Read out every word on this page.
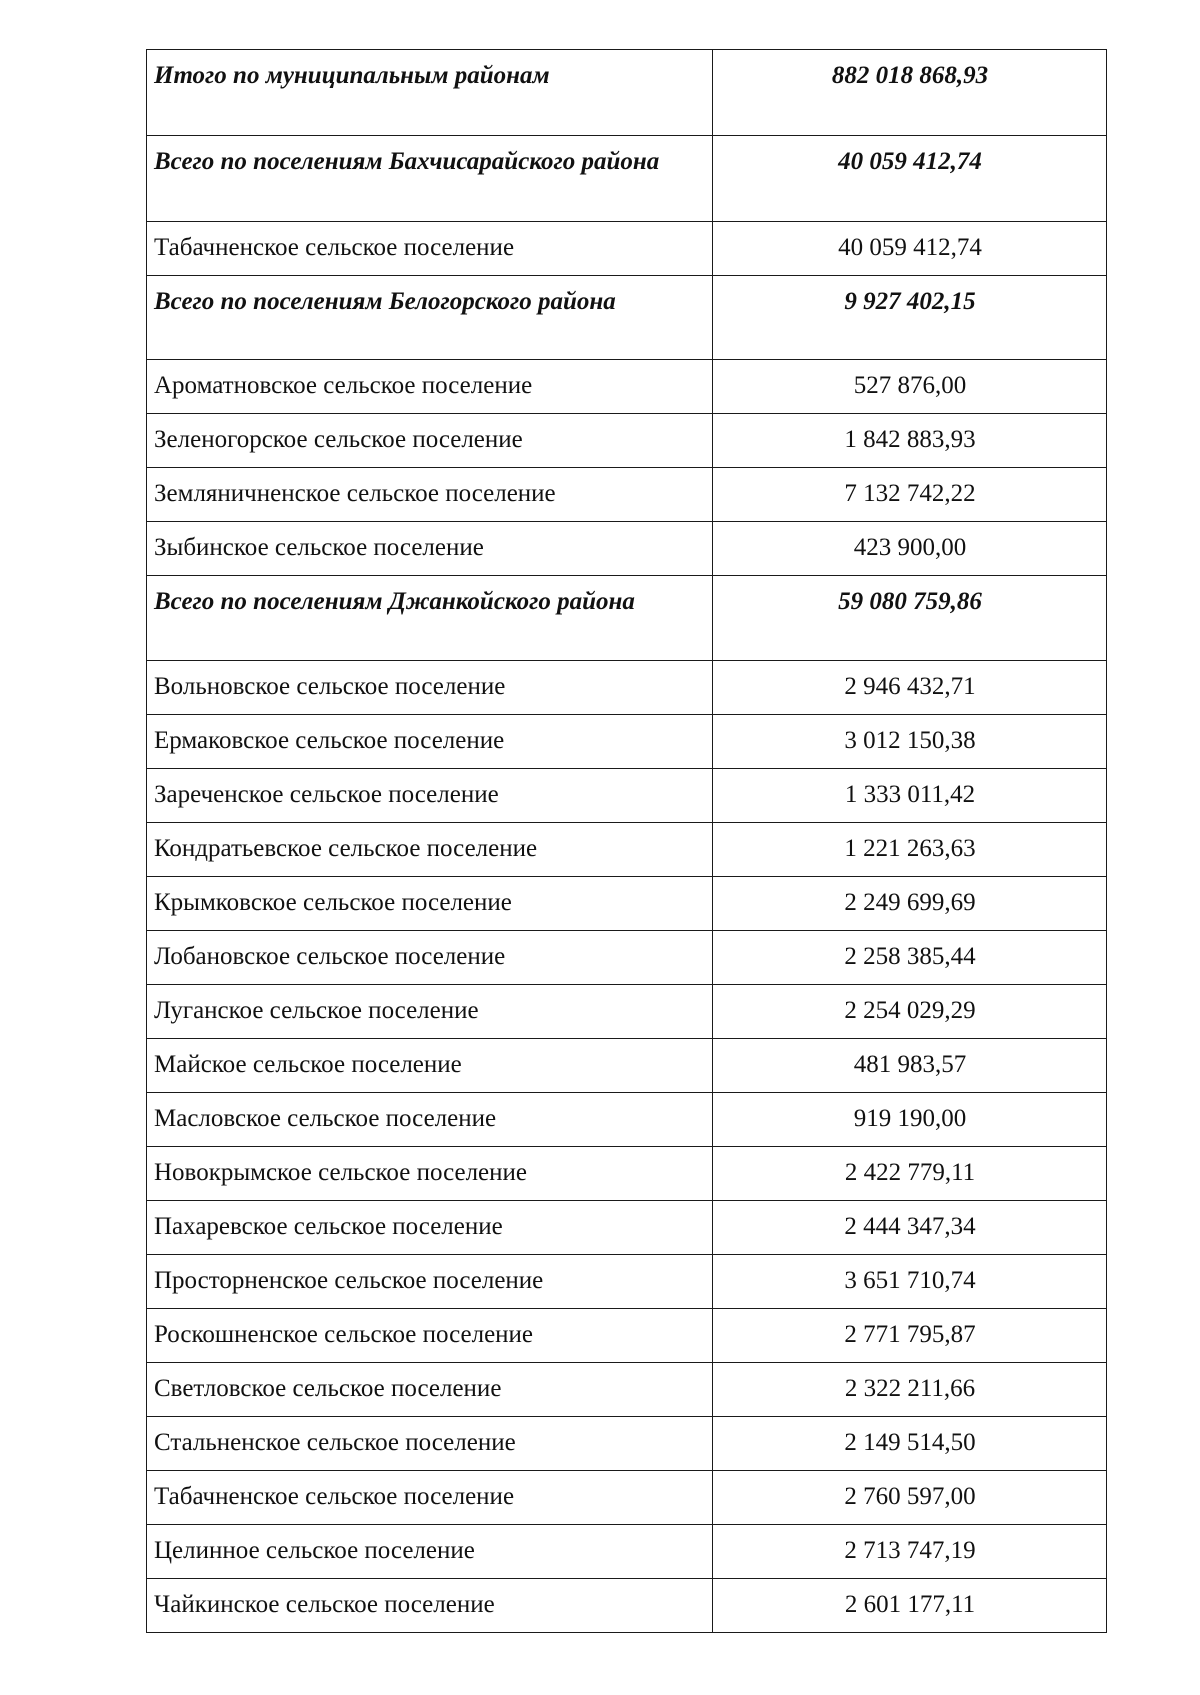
Итого по муниципальным районам	882 018 868,93
Всего по поселениям Бахчисарайского района	40 059 412,74
Табачненское сельское поселение	40 059 412,74
Всего по поселениям Белогорского района	9 927 402,15
Ароматновское сельское поселение	527 876,00
Зеленогорское сельское поселение	1 842 883,93
Земляничненское сельское поселение	7 132 742,22
Зыбинское сельское поселение	423 900,00
Всего по поселениям Джанкойского района	59 080 759,86
Вольновское сельское поселение	2 946 432,71
Ермаковское сельское поселение	3 012 150,38
Зареченское сельское поселение	1 333 011,42
Кондратьевское сельское поселение	1 221 263,63
Крымковское сельское поселение	2 249 699,69
Лобановское сельское поселение	2 258 385,44
Луганское сельское поселение	2 254 029,29
Майское сельское поселение	481 983,57
Масловское сельское поселение	919 190,00
Новокрымское сельское поселение	2 422 779,11
Пахаревское сельское поселение	2 444 347,34
Просторненское сельское поселение	3 651 710,74
Роскошненское сельское поселение	2 771 795,87
Светловское сельское поселение	2 322 211,66
Стальненское сельское поселение	2 149 514,50
Табачненское сельское поселение	2 760 597,00
Целинное сельское поселение	2 713 747,19
Чайкинское сельское поселение	2 601 177,11
